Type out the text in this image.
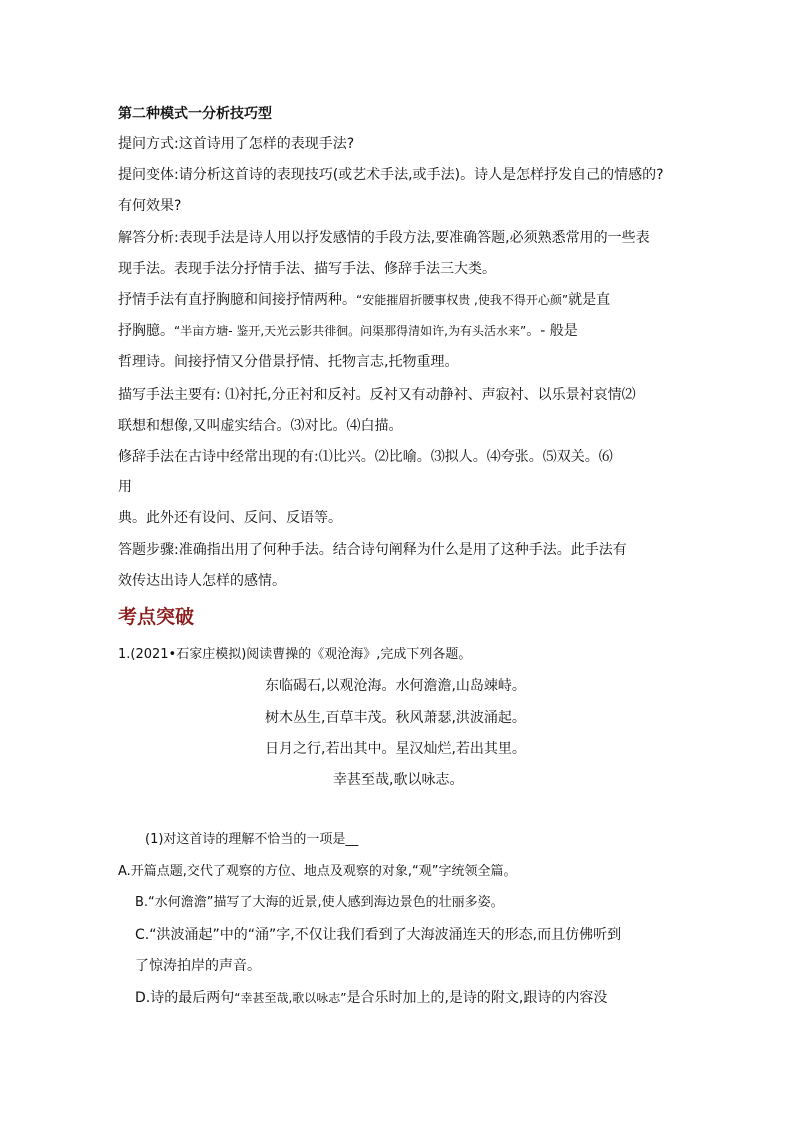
第二种模式一分析技巧型
提问方式:这首诗用了怎样的表现手法?
提问变体:请分析这首诗的表现技巧(或艺术手法,或手法)。诗人是怎样抒发自己的情感的?
有何效果?
解答分析:表现手法是诗人用以抒发感情的手段方法,要准确答题,必须熟悉常用的一些表
现手法。表现手法分抒情手法、描写手法、修辞手法三大类。
抒情手法有直抒胸臆和间接抒情两种。“安能摧眉折腰事权贵 ,使我不得开心颜”就是直
抒胸臆。“半亩方塘- 鉴开,天光云影共徘徊。问渠那得清如许,为有头活水来”。- 般是
哲理诗。间接抒情又分借景抒情、托物言志,托物重理。
描写手法主要有: ⑴衬托,分正衬和反衬。反衬又有动静衬、声寂衬、以乐景衬哀情⑵
联想和想像,又叫虚实结合。⑶对比。⑷白描。
修辞手法在古诗中经常出现的有:⑴比兴。⑵比喻。⑶拟人。⑷夸张。⑸双关。⑹
用
典。此外还有设问、反问、反语等。
答题步骤:准确指出用了何种手法。结合诗句阐释为什么是用了这种手法。此手法有
效传达出诗人怎样的感情。
考点突破
1.(2021•石家庄模拟)阅读曹操的《观沧海》,完成下列各题。
东临碣石,以观沧海。水何澹澹,山岛竦峙。
树木丛生,百草丰茂。秋风萧瑟,洪波涌起。
日月之行,若出其中。星汉灿烂,若出其里。
幸甚至哉,歌以咏志。
(1)对这首诗的理解不恰当的一项是__
A.开篇点题,交代了观察的方位、地点及观察的对象,“观”字统领全篇。
B.“水何澹澹”描写了大海的近景,使人感到海边景色的壮丽多姿。
C.“洪波涌起”中的“涌”字,不仅让我们看到了大海波涌连天的形态,而且仿佛听到
了惊涛拍岸的声音。
D.诗的最后两句“幸甚至哉,歌以咏志”是合乐时加上的,是诗的附文,跟诗的内容没
